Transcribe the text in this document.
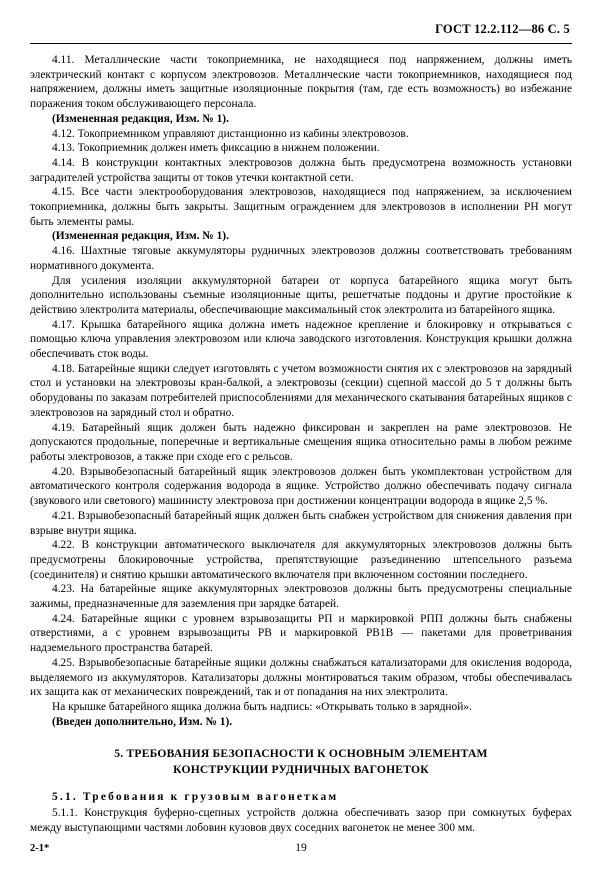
ГОСТ 12.2.112—86 С. 5

4.11. Металлические части токоприемника, не находящиеся под напряжением, должны иметь электрический контакт с корпусом электровозов. Металлические части токоприемников, находящиеся под напряжением, должны иметь защитные изоляционные покрытия (там, где есть возможность) во избежание поражения током обслуживающего персонала.

(Измененная редакция, Изм. № 1).

4.12. Токоприемником управляют дистанционно из кабины электровозов.

4.13. Токоприемник должен иметь фиксацию в нижнем положении.

4.14. В конструкции контактных электровозов должна быть предусмотрена возможность установки заградителей устройства защиты от токов утечки контактной сети.

4.15. Все части электрооборудования электровозов, находящиеся под напряжением, за исключением токоприемника, должны быть закрыты. Защитным ограждением для электровозов в исполнении РН могут быть элементы рамы.

(Измененная редакция, Изм. № 1).

4.16. Шахтные тяговые аккумуляторы рудничных электровозов должны соответствовать требованиям нормативного документа.

Для усиления изоляции аккумуляторной батареи от корпуса батарейного ящика могут быть дополнительно использованы съемные изоляционные щиты, решетчатые поддоны и другие простойкие к действию электролита материалы, обеспечивающие максимальный сток электролита из батарейного ящика.

4.17. Крышка батарейного ящика должна иметь надежное крепление и блокировку и открываться с помощью ключа управления электровозом или ключа заводского изготовления. Конструкция крышки должна обеспечивать сток воды.

4.18. Батарейные ящики следует изготовлять с учетом возможности снятия их с электровозов на зарядный стол и установки на электровозы кран-балкой, а электровозы (секции) сцепной массой до 5 т должны быть оборудованы по заказам потребителей приспособлениями для механического скатывания батарейных ящиков с электровозов на зарядный стол и обратно.

4.19. Батарейный ящик должен быть надежно фиксирован и закреплен на раме электровозов. Не допускаются продольные, поперечные и вертикальные смещения ящика относительно рамы в любом режиме работы электровозов, а также при сходе его с рельсов.

4.20. Взрывобезопасный батарейный ящик электровозов должен быть укомплектован устройством для автоматического контроля содержания водорода в ящике. Устройство должно обеспечивать подачу сигнала (звукового или светового) машинисту электровоза при достижении концентрации водорода в ящике 2,5 %.

4.21. Взрывобезопасный батарейный ящик должен быть снабжен устройством для снижения давления при взрыве внутри ящика.

4.22. В конструкции автоматического выключателя для аккумуляторных электровозов должны быть предусмотрены блокировочные устройства, препятствующие разъединению штепсельного разъема (соединителя) и снятию крышки автоматического включателя при включенном состоянии последнего.

4.23. На батарейные ящике аккумуляторных электровозов должны быть предусмотрены специальные зажимы, предназначенные для заземления при зарядке батарей.

4.24. Батарейные ящики с уровнем взрывозащиты РП и маркировкой РПП должны быть снабжены отверстиями, а с уровнем взрывозащиты РВ и маркировкой РВ1В — пакетами для проветривания надземельного пространства батарей.

4.25. Взрывобезопасные батарейные ящики должны снабжаться катализаторами для окисления водорода, выделяемого из аккумуляторов. Катализаторы должны монтироваться таким образом, чтобы обеспечивалась их защита как от механических повреждений, так и от попадания на них электролита.

На крышке батарейного ящика должна быть надпись: «Открывать только в зарядной».

(Введен дополнительно, Изм. № 1).

5. ТРЕБОВАНИЯ БЕЗОПАСНОСТИ К ОСНОВНЫМ ЭЛЕМЕНТАМ
КОНСТРУКЦИИ РУДНИЧНЫХ ВАГОНЕТОК
5.1. Требования к грузовым вагонеткам

5.1.1. Конструкция буферно-сцепных устройств должна обеспечивать зазор при сомкнутых буферах между выступающими частями лобовин кузовов двух соседних вагонеток не менее 300 мм.

2-1*	19
